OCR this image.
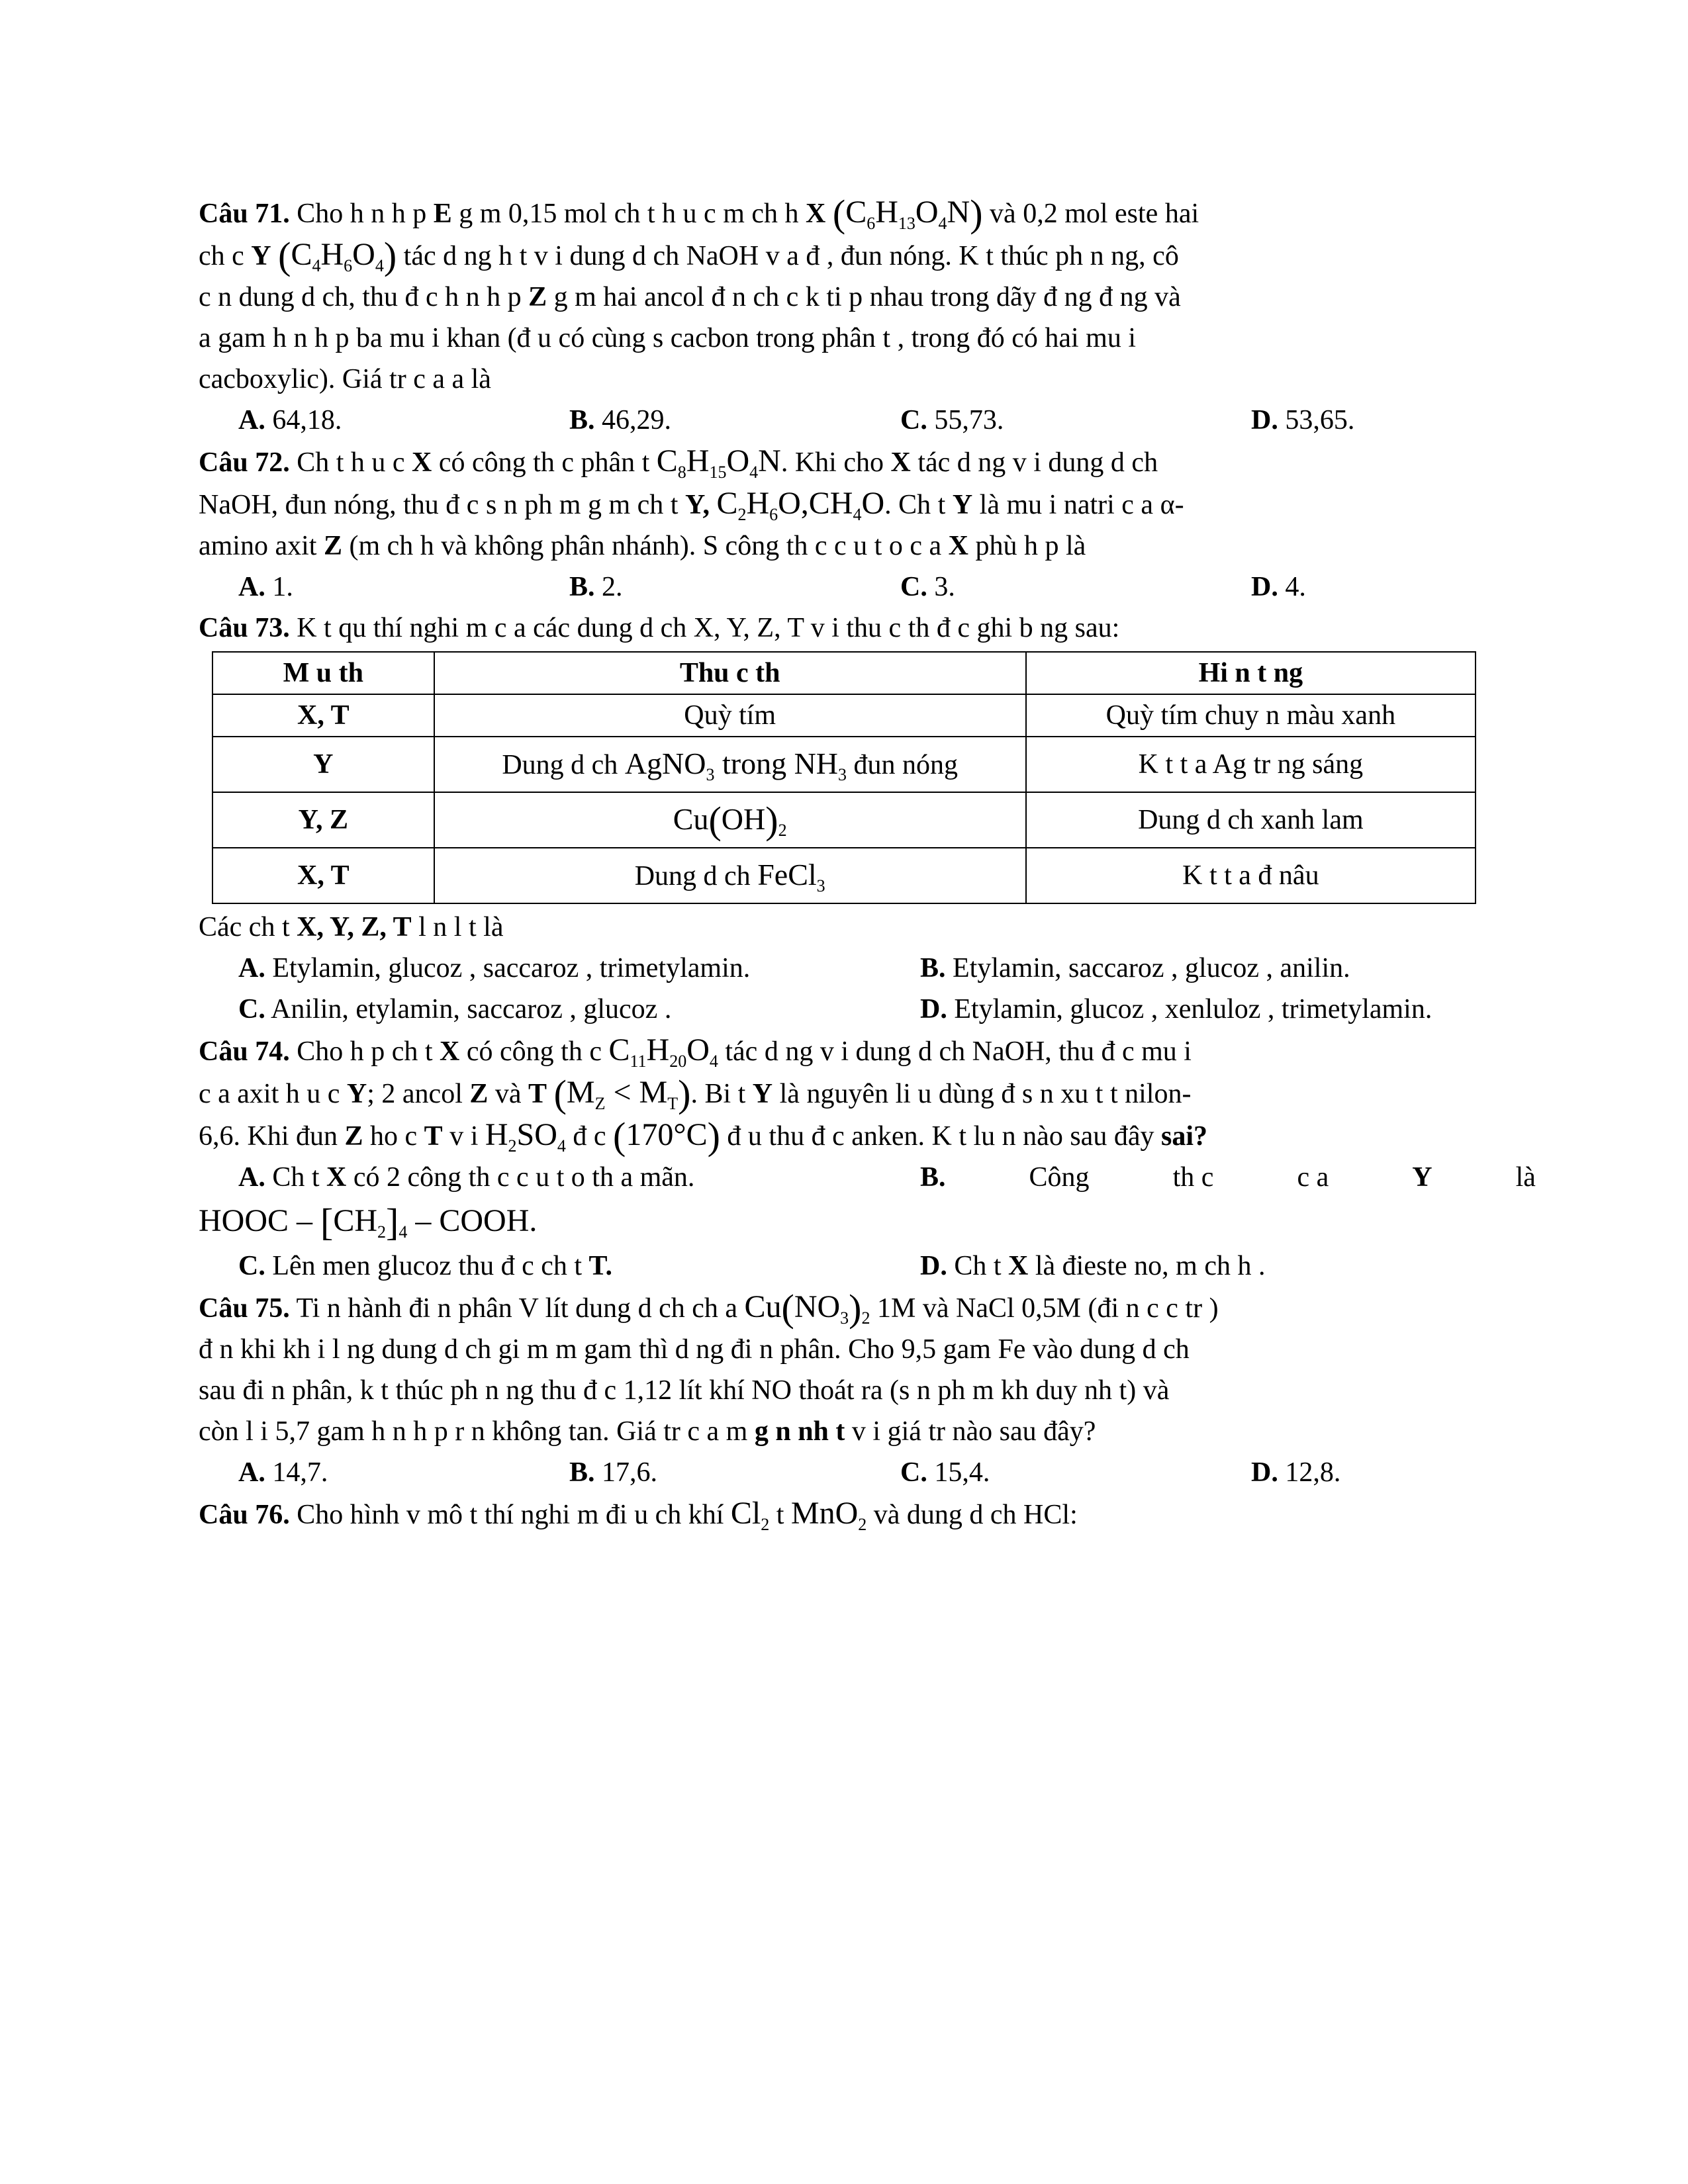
Câu 71. Cho h n h p E g m 0,15 mol ch t h u c m ch h X $(C_6H_{13}O_4N)$ và 0,2 mol este hai
ch c Y $(C_4H_6O_4)$ tác d ng h t v i dung d ch NaOH v a đ , đun nóng. K t thúc ph n ng, cô
c n dung d ch, thu đ c h n h p Z g m hai ancol đ n ch c k ti p nhau trong dãy đ ng đ ng và
a gam h n h p ba mu i khan (đ u có cùng s cacbon trong phân t , trong đó có hai mu i
cacboxylic). Giá tr c a a là
A. 64,18.	B. 46,29.	C. 55,73.	D. 53,65.
Câu 72. Ch t h u c X có công th c phân t $C_8H_{15}O_4N$. Khi cho X tác d ng v i dung d ch
NaOH, đun nóng, thu đ c s n ph m g m ch t Y, $C_2H_6O,CH_4O$. Ch t Y là mu i natri c a α-
amino axit Z (m ch h và không phân nhánh). S công th c c u t o c a X phù h p là
A. 1.	B. 2.	C. 3.	D. 4.
Câu 73. K t qu thí nghi m c a các dung d ch X, Y, Z, T v i thu c th đ c ghi b ng sau:
M u th	Thu c th	Hi n t ng
X, T	Quỳ tím	Quỳ tím chuy n màu xanh
Y	Dung d ch AgNO$_3$ trong $NH_3$ đun nóng	K t t a Ag tr ng sáng
Y, Z	$Cu(OH)_2$	Dung d ch xanh lam
X, T	Dung d ch FeCl$_3$	K t t a đ nâu
Các ch t X, Y, Z, T l n l t là
A. Etylamin, glucoz , saccaroz , trimetylamin.	B. Etylamin, saccaroz , glucoz , anilin.
C. Anilin, etylamin, saccaroz , glucoz .	D. Etylamin, glucoz , xenluloz , trimetylamin.
Câu 74. Cho h p ch t X có công th c $C_{11}H_{20}O_4$ tác d ng v i dung d ch NaOH, thu đ c mu i
c a axit h u c Y; 2 ancol Z và T $(M_Z < M_T)$. Bi t Y là nguyên li u dùng đ s n xu t t nilon-
6,6. Khi đun Z ho c T v i $H_2SO_4$ đ c (170°C) đ u thu đ c anken. K t lu n nào sau đây sai?
A. Ch t X có 2 công th c c u t o th a mãn.	B.	Công	th c	c a	Y	là
HOOC – $[CH_2]_4$ – COOH.
C. Lên men glucoz thu đ c ch t T.	D. Ch t X là đieste no, m ch h .
Câu 75. Ti n hành đi n phân V lít dung d ch ch a $Cu(NO_3)_2$ 1M và NaCl 0,5M (đi n c c tr )
đ n khi kh i l ng dung d ch gi m m gam thì d ng đi n phân. Cho 9,5 gam Fe vào dung d ch
sau đi n phân, k t thúc ph n ng thu đ c 1,12 lít khí NO thoát ra (s n ph m kh duy nh t) và
còn l i 5,7 gam h n h p r n không tan. Giá tr c a m g n nh t v i giá tr nào sau đây?
A. 14,7.	B. 17,6.	C. 15,4.	D. 12,8.
Câu 76. Cho hình v mô t thí nghi m đi u ch khí $Cl_2$ t MnO$_2$ và dung d ch HCl:
